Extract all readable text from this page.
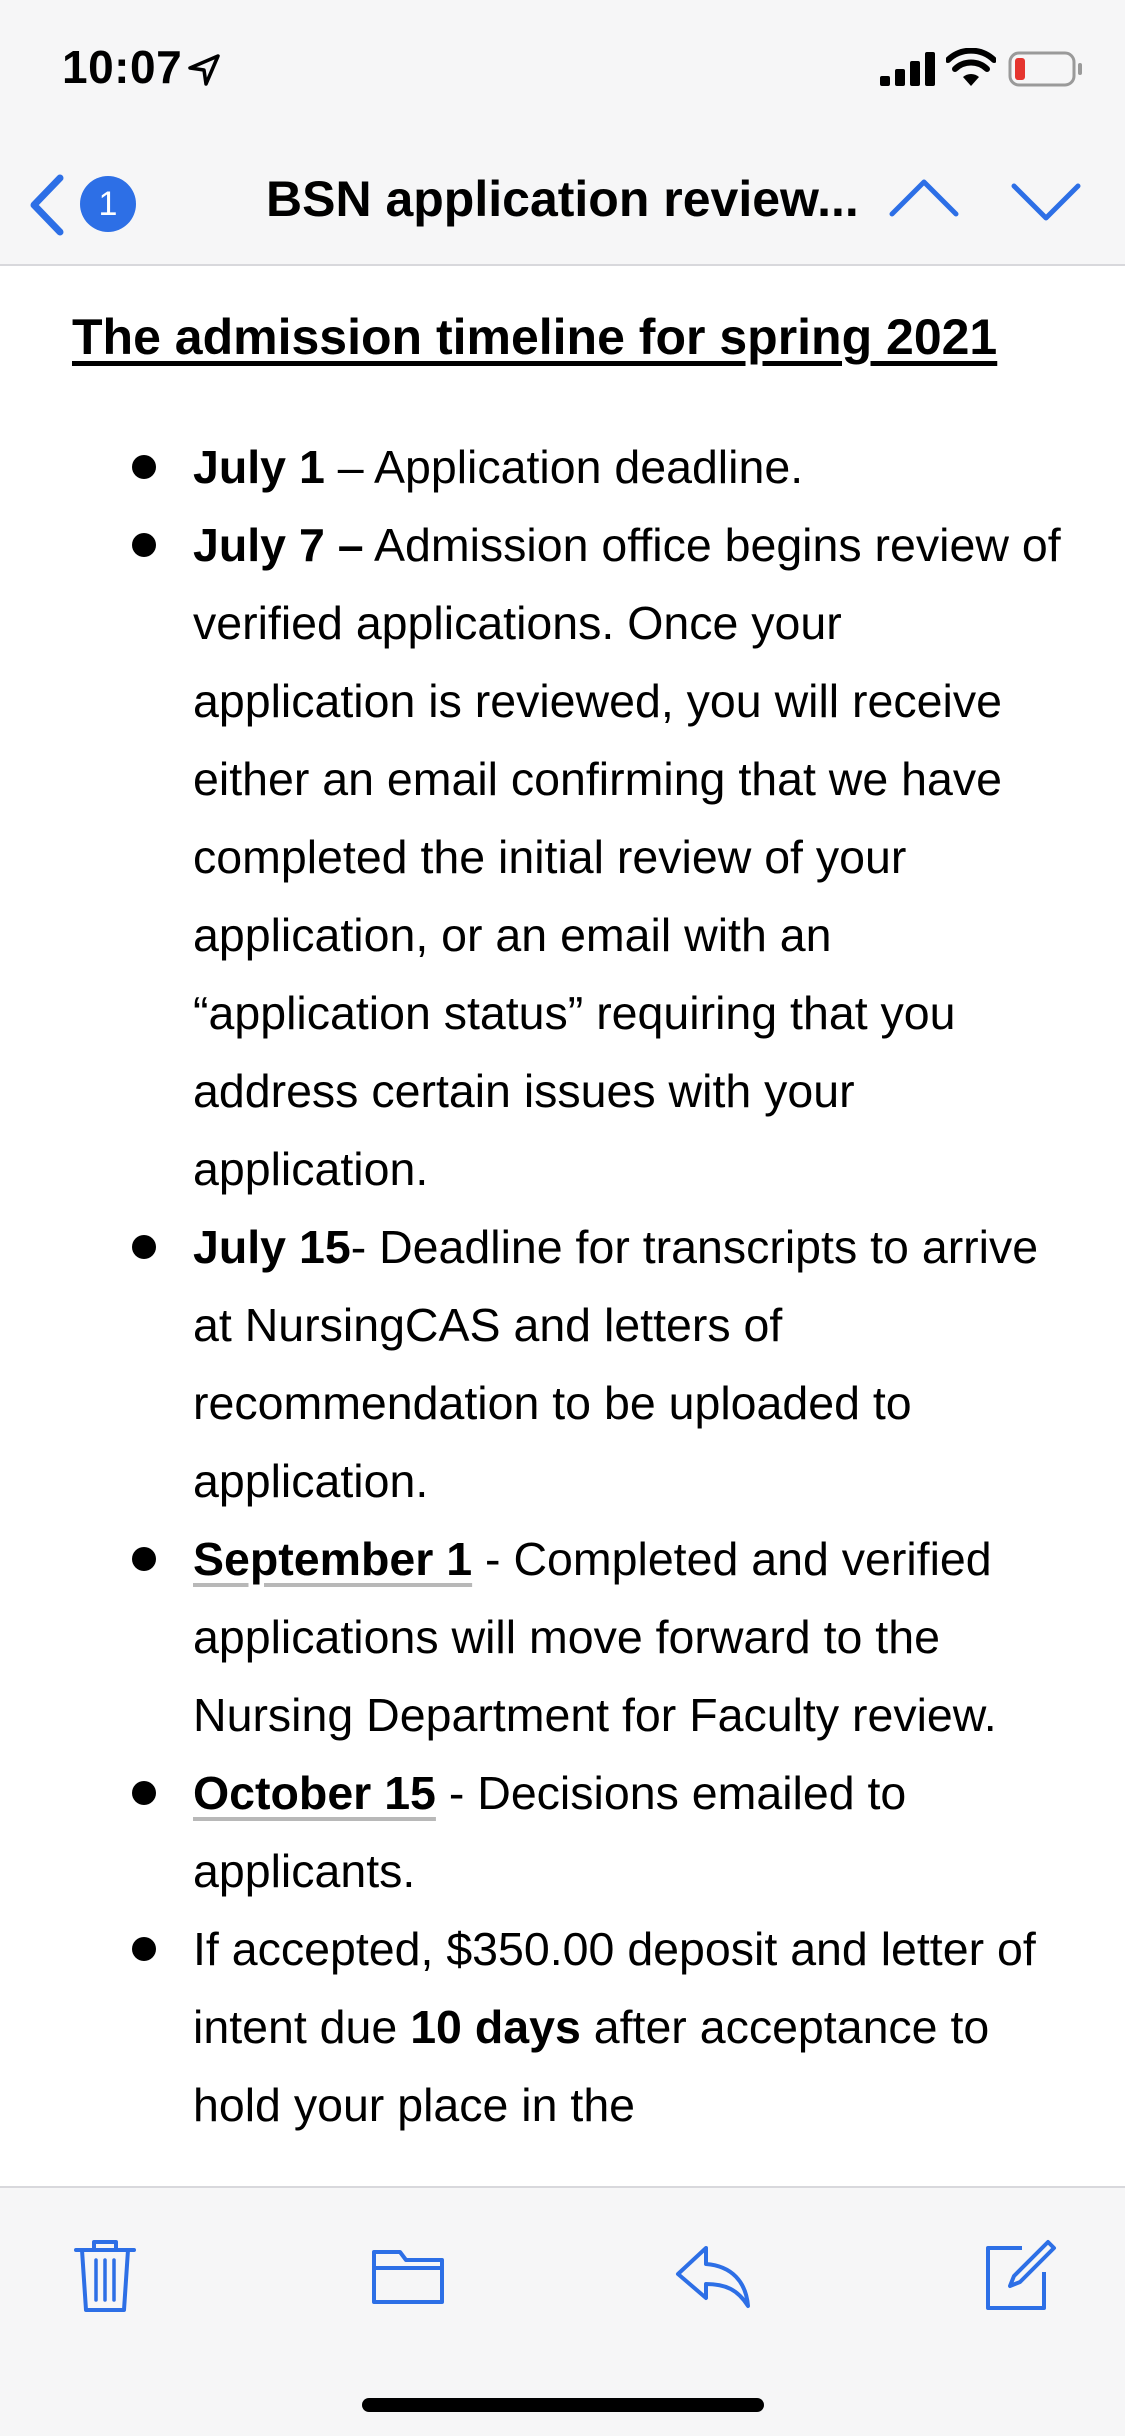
10:07
1	BSN application review...
The admission timeline for spring 2021
July 1 – Application deadline.
July 7 – Admission office begins review of verified applications. Once your application is reviewed, you will receive either an email confirming that we have completed the initial review of your application, or an email with an “application status” requiring that you address certain issues with your application.
July 15- Deadline for transcripts to arrive at NursingCAS and letters of recommendation to be uploaded to application.
September 1 - Completed and verified applications will move forward to the Nursing Department for Faculty review.
October 15 - Decisions emailed to applicants.
If accepted, $350.00 deposit and letter of intent due 10 days after acceptance to hold your place in the
